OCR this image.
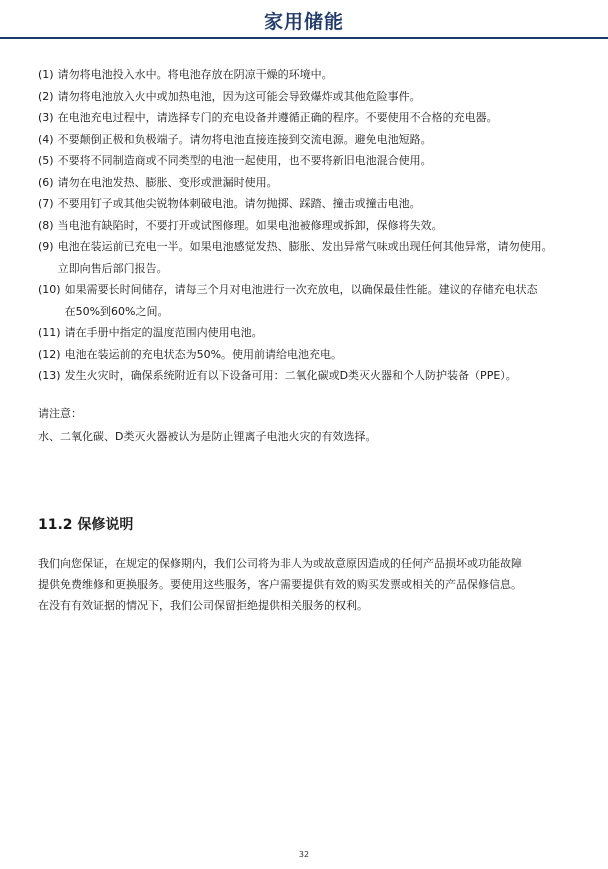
家用储能
(1) 请勿将电池投入水中。将电池存放在阴凉干燥的环境中。
(2) 请勿将电池放入火中或加热电池，因为这可能会导致爆炸或其他危险事件。
(3) 在电池充电过程中，请选择专门的充电设备并遵循正确的程序。不要使用不合格的充电器。
(4) 不要颠倒正极和负极端子。请勿将电池直接连接到交流电源。避免电池短路。
(5) 不要将不同制造商或不同类型的电池一起使用，也不要将新旧电池混合使用。
(6) 请勿在电池发热、膨胀、变形或泄漏时使用。
(7) 不要用钉子或其他尖锐物体刺破电池。请勿抛掷、踩踏、撞击或撞击电池。
(8) 当电池有缺陷时，不要打开或试图修理。如果电池被修理或拆卸，保修将失效。
(9) 电池在装运前已充电一半。如果电池感觉发热、膨胀、发出异常气味或出现任何其他异常，请勿使用。
立即向售后部门报告。
(10) 如果需要长时间储存，请每三个月对电池进行一次充放电，以确保最佳性能。建议的存储充电状态
在50%到60%之间。
(11) 请在手册中指定的温度范围内使用电池。
(12) 电池在装运前的充电状态为50%。使用前请给电池充电。
(13) 发生火灾时，确保系统附近有以下设备可用：二氧化碳或D类灭火器和个人防护装备（PPE）。
请注意：
水、二氧化碳、D类灭火器被认为是防止锂离子电池火灾的有效选择。
11.2 保修说明
我们向您保证，在规定的保修期内，我们公司将为非人为或故意原因造成的任何产品损坏或功能故障
提供免费维修和更换服务。要使用这些服务，客户需要提供有效的购买发票或相关的产品保修信息。
在没有有效证据的情况下，我们公司保留拒绝提供相关服务的权利。
32
